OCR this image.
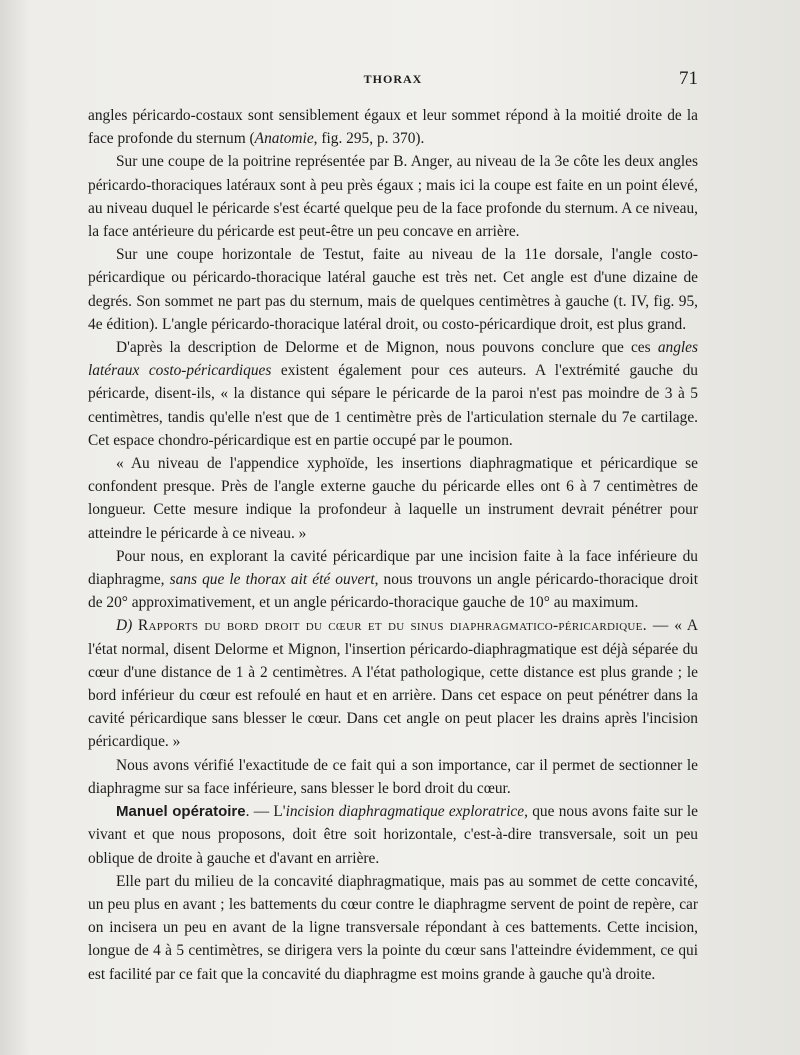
THORAX	71

angles péricardo-costaux sont sensiblement égaux et leur sommet répond à la moitié droite de la face profonde du sternum (Anatomie, fig. 295, p. 370).

Sur une coupe de la poitrine représentée par B. Anger, au niveau de la 3e côte les deux angles péricardo-thoraciques latéraux sont à peu près égaux ; mais ici la coupe est faite en un point élevé, au niveau duquel le péricarde s'est écarté quelque peu de la face profonde du sternum. A ce niveau, la face antérieure du péricarde est peut-être un peu concave en arrière.

Sur une coupe horizontale de Testut, faite au niveau de la 11e dorsale, l'angle costo-péricardique ou péricardo-thoracique latéral gauche est très net. Cet angle est d'une dizaine de degrés. Son sommet ne part pas du sternum, mais de quelques centimètres à gauche (t. IV, fig. 95, 4e édition). L'angle péricardo-thoracique latéral droit, ou costo-péricardique droit, est plus grand.

D'après la description de Delorme et de Mignon, nous pouvons conclure que ces angles latéraux costo-péricardiques existent également pour ces auteurs. A l'extrémité gauche du péricarde, disent-ils, « la distance qui sépare le péricarde de la paroi n'est pas moindre de 3 à 5 centimètres, tandis qu'elle n'est que de 1 centimètre près de l'articulation sternale du 7e cartilage. Cet espace chondro-péricardique est en partie occupé par le poumon.

« Au niveau de l'appendice xyphoïde, les insertions diaphragmatique et péricardique se confondent presque. Près de l'angle externe gauche du péricarde elles ont 6 à 7 centimètres de longueur. Cette mesure indique la profondeur à laquelle un instrument devrait pénétrer pour atteindre le péricarde à ce niveau. »

Pour nous, en explorant la cavité péricardique par une incision faite à la face inférieure du diaphragme, sans que le thorax ait été ouvert, nous trouvons un angle péricardo-thoracique droit de 20° approximativement, et un angle péricardo-thoracique gauche de 10° au maximum.

D) Rapports du bord droit du cœur et du sinus diaphragmatico-péricardique. — « A l'état normal, disent Delorme et Mignon, l'insertion péricardo-diaphragmatique est déjà séparée du cœur d'une distance de 1 à 2 centimètres. A l'état pathologique, cette distance est plus grande ; le bord inférieur du cœur est refoulé en haut et en arrière. Dans cet espace on peut pénétrer dans la cavité péricardique sans blesser le cœur. Dans cet angle on peut placer les drains après l'incision péricardique. »

Nous avons vérifié l'exactitude de ce fait qui a son importance, car il permet de sectionner le diaphragme sur sa face inférieure, sans blesser le bord droit du cœur.

Manuel opératoire. — L'incision diaphragmatique exploratrice, que nous avons faite sur le vivant et que nous proposons, doit être soit horizontale, c'est-à-dire transversale, soit un peu oblique de droite à gauche et d'avant en arrière.

Elle part du milieu de la concavité diaphragmatique, mais pas au sommet de cette concavité, un peu plus en avant ; les battements du cœur contre le diaphragme servent de point de repère, car on incisera un peu en avant de la ligne transversale répondant à ces battements. Cette incision, longue de 4 à 5 centimètres, se dirigera vers la pointe du cœur sans l'atteindre évidemment, ce qui est facilité par ce fait que la concavité du diaphragme est moins grande à gauche qu'à droite.
